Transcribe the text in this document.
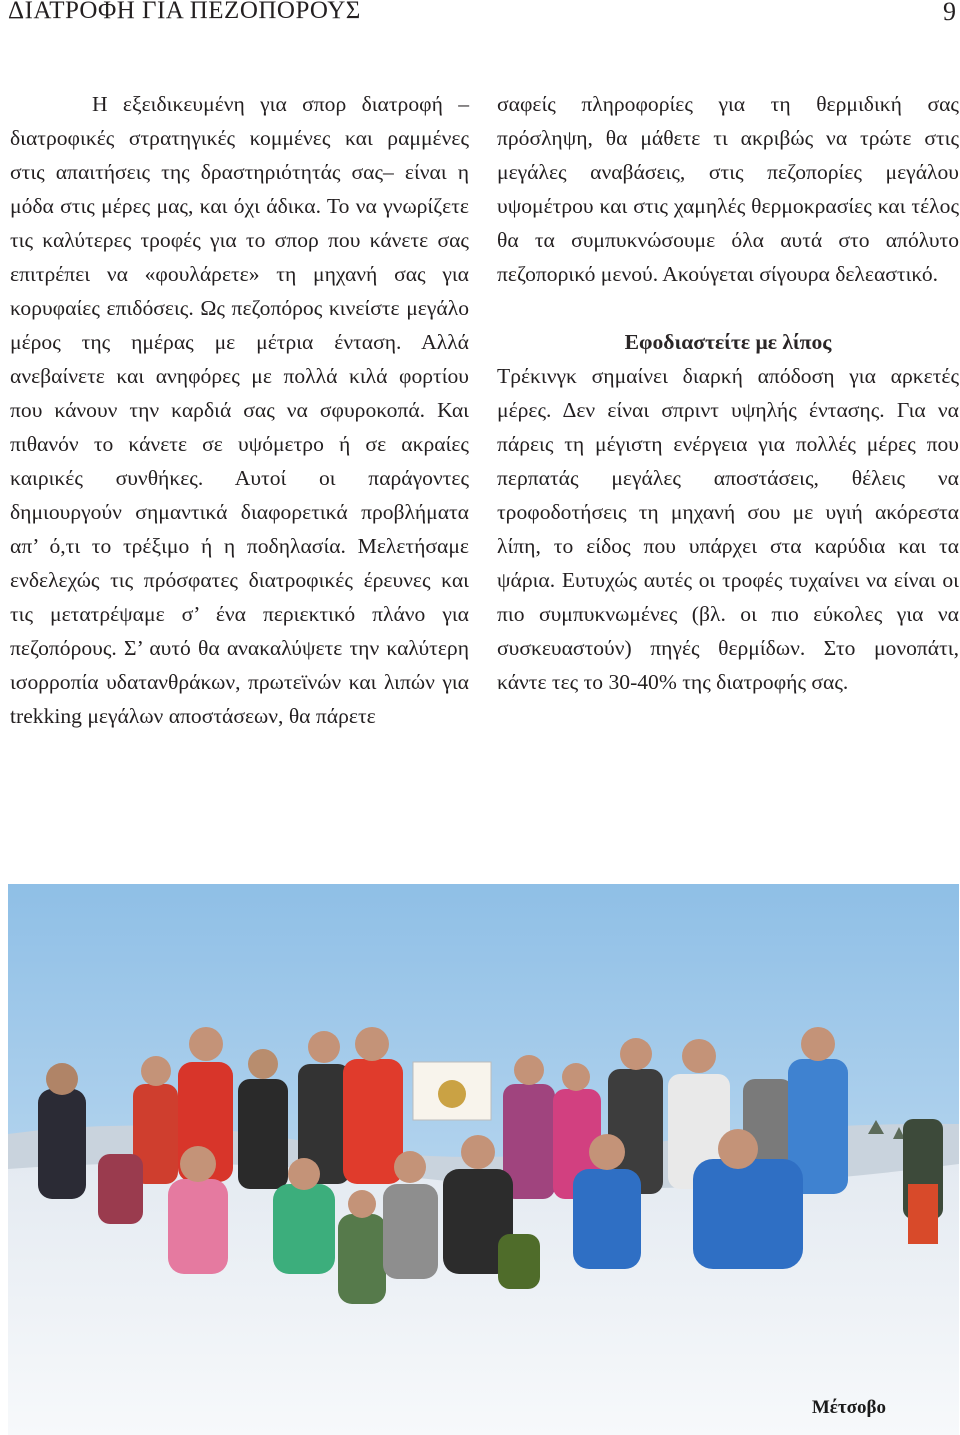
ΔΙΑΤΡΟΦΗ ΓΙΑ ΠΕΖΟΠΟΡΟΥΣ	9

Η εξειδικευμένη για σπορ διατροφή –διατροφικές στρατηγικές κομμένες και ραμμένες στις απαιτήσεις της δραστηριότητάς σας– είναι η μόδα στις μέρες μας, και όχι άδικα. Το να γνωρίζετε τις καλύτερες τροφές για το σπορ που κάνετε σας επιτρέπει να «φουλάρετε» τη μηχανή σας για κορυφαίες επιδόσεις. Ως πεζοπόρος κινείστε μεγάλο μέρος της ημέρας με μέτρια ένταση. Αλλά ανεβαίνετε και ανηφόρες με πολλά κιλά φορτίου που κάνουν την καρδιά σας να σφυροκοπά. Και πιθανόν το κάνετε σε υψόμετρο ή σε ακραίες καιρικές συνθήκες. Αυτοί οι παράγοντες δημιουργούν σημαντικά διαφορετικά προβλήματα απ’ ό,τι το τρέξιμο ή η ποδηλασία. Μελετήσαμε ενδελεχώς τις πρόσφατες διατροφικές έρευνες και τις μετατρέψαμε σ’ ένα περιεκτικό πλάνο για πεζοπόρους. Σ’ αυτό θα ανακαλύψετε την καλύτερη ισορροπία υδατανθράκων, πρωτεϊνών και λιπών για trekking μεγάλων αποστάσεων, θα πάρετε

σαφείς πληροφορίες για τη θερμιδική σας πρόσληψη, θα μάθετε τι ακριβώς να τρώτε στις μεγάλες αναβάσεις, στις πεζοπορίες μεγάλου υψομέτρου και στις χαμηλές θερμοκρασίες και τέλος θα τα συμπυκνώσουμε όλα αυτά στο απόλυτο πεζοπορικό μενού. Ακούγεται σίγουρα δελεαστικό.

Εφοδιαστείτε με λίπος

Τρέκινγκ σημαίνει διαρκή απόδοση για αρκετές μέρες. Δεν είναι σπριντ υψηλής έντασης. Για να πάρεις τη μέγιστη ενέργεια για πολλές μέρες που περπατάς μεγάλες αποστάσεις, θέλεις να τροφοδοτήσεις τη μηχανή σου με υγιή ακόρεστα λίπη, το είδος που υπάρχει στα καρύδια και τα ψάρια. Ευτυχώς αυτές οι τροφές τυχαίνει να είναι οι πιο συμπυκνωμένες (βλ. οι πιο εύκολες για να συσκευαστούν) πηγές θερμίδων. Στο μονοπάτι, κάντε τες το 30-40% της διατροφής σας.

Μέτσοβο
